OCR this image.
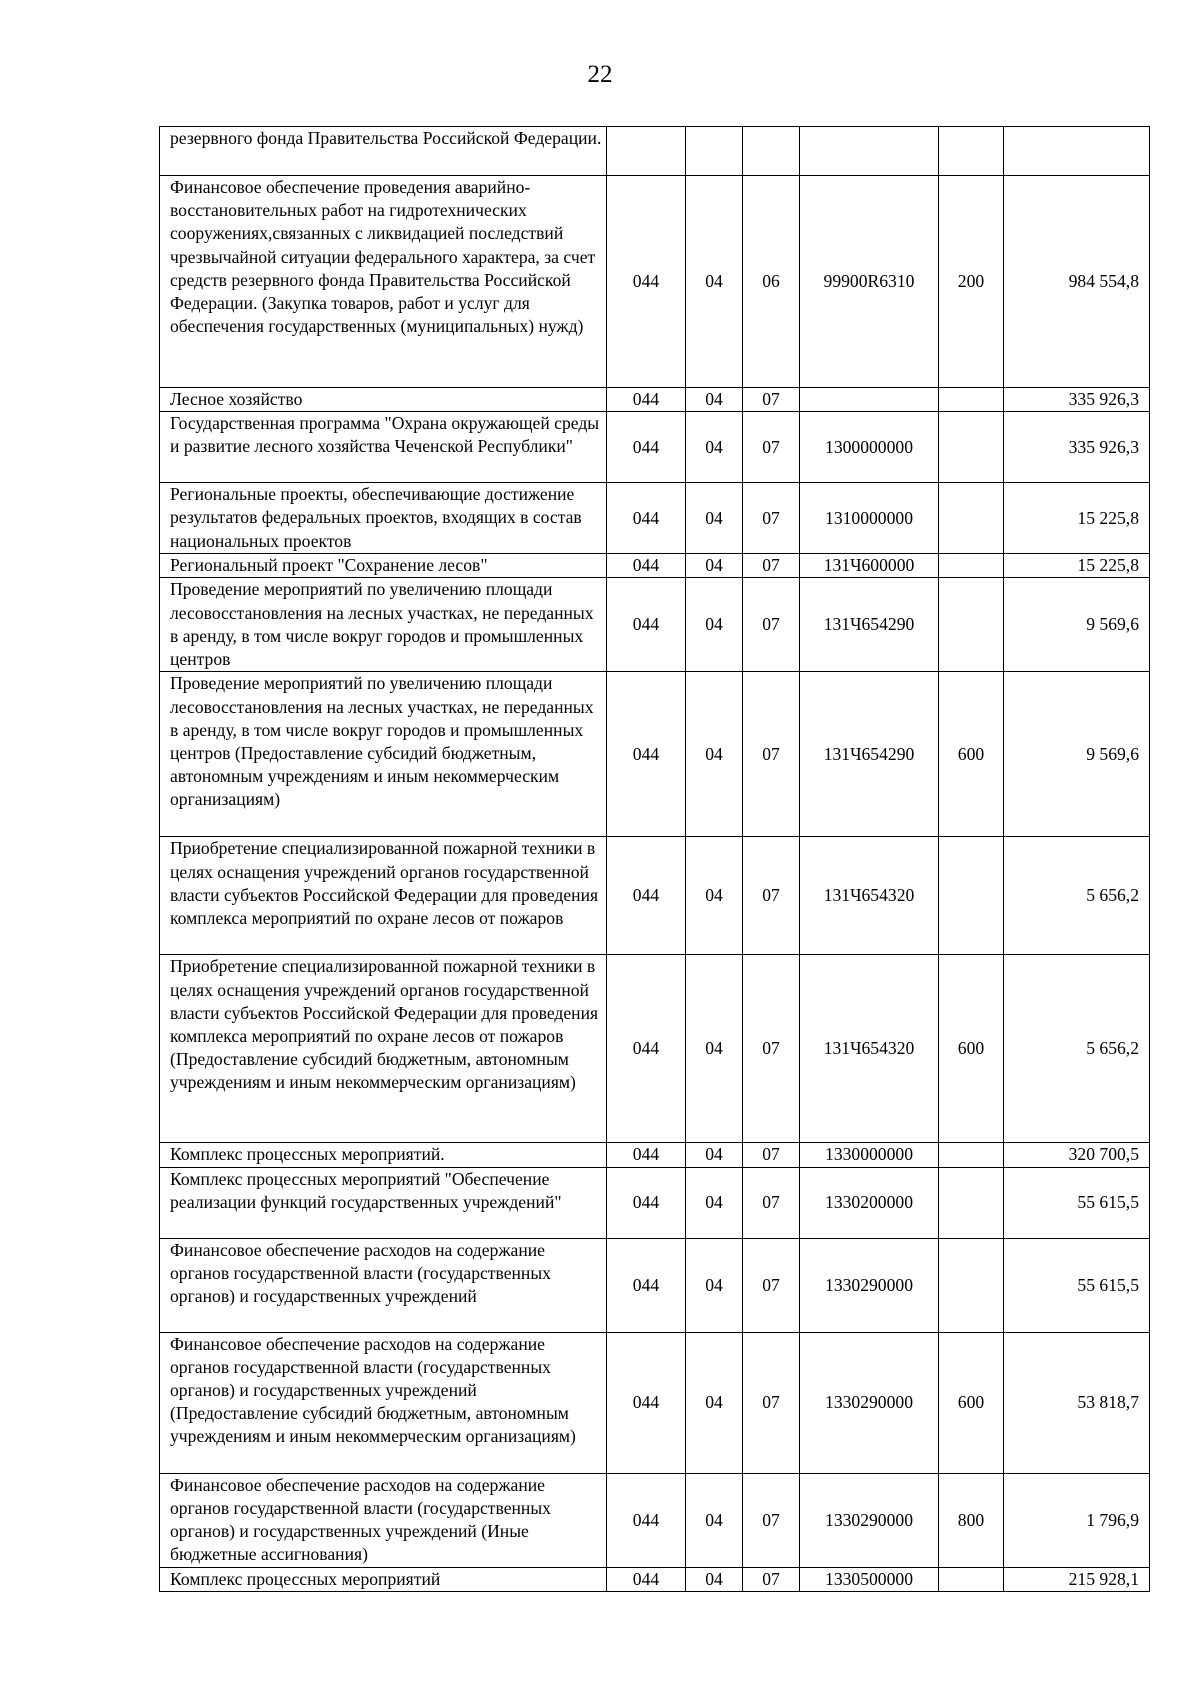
22
резервного фонда Правительства Российской Федерации.						
Финансовое обеспечение проведения аварийно-восстановительных работ на гидротехнических сооружениях,связанных с ликвидацией последствий чрезвычайной ситуации федерального характера, за счет средств резервного фонда Правительства Российской Федерации. (Закупка товаров, работ и услуг для обеспечения государственных (муниципальных) нужд)	044	04	06	99900R6310	200	984 554,8
Лесное хозяйство	044	04	07			335 926,3
Государственная программа "Охрана окружающей среды и развитие лесного хозяйства Чеченской Республики"	044	04	07	1300000000		335 926,3
Региональные проекты, обеспечивающие достижение результатов федеральных проектов, входящих в состав национальных проектов	044	04	07	1310000000		15 225,8
Региональный проект "Сохранение лесов"	044	04	07	131Ч600000		15 225,8
Проведение мероприятий по увеличению площади лесовосстановления на лесных участках, не переданных в аренду, в том числе вокруг городов и промышленных центров	044	04	07	131Ч654290		9 569,6
Проведение мероприятий по увеличению площади лесовосстановления на лесных участках, не переданных в аренду, в том числе вокруг городов и промышленных центров (Предоставление субсидий бюджетным, автономным учреждениям и иным некоммерческим организациям)	044	04	07	131Ч654290	600	9 569,6
Приобретение специализированной пожарной техники в целях оснащения учреждений органов государственной власти субъектов Российской Федерации для проведения комплекса мероприятий по охране лесов от пожаров	044	04	07	131Ч654320		5 656,2
Приобретение специализированной пожарной техники в целях оснащения учреждений органов государственной власти субъектов Российской Федерации для проведения комплекса мероприятий по охране лесов от пожаров (Предоставление субсидий бюджетным, автономным учреждениям и иным некоммерческим организациям)	044	04	07	131Ч654320	600	5 656,2
Комплекс процессных мероприятий.	044	04	07	1330000000		320 700,5
Комплекс процессных мероприятий "Обеспечение реализации функций государственных учреждений"	044	04	07	1330200000		55 615,5
Финансовое обеспечение расходов на содержание органов государственной власти (государственных органов) и государственных учреждений	044	04	07	1330290000		55 615,5
Финансовое обеспечение расходов на содержание органов государственной власти (государственных органов) и государственных учреждений (Предоставление субсидий бюджетным, автономным учреждениям и иным некоммерческим организациям)	044	04	07	1330290000	600	53 818,7
Финансовое обеспечение расходов на содержание органов государственной власти (государственных органов) и государственных учреждений (Иные бюджетные ассигнования)	044	04	07	1330290000	800	1 796,9
Комплекс процессных мероприятий	044	04	07	1330500000		215 928,1
